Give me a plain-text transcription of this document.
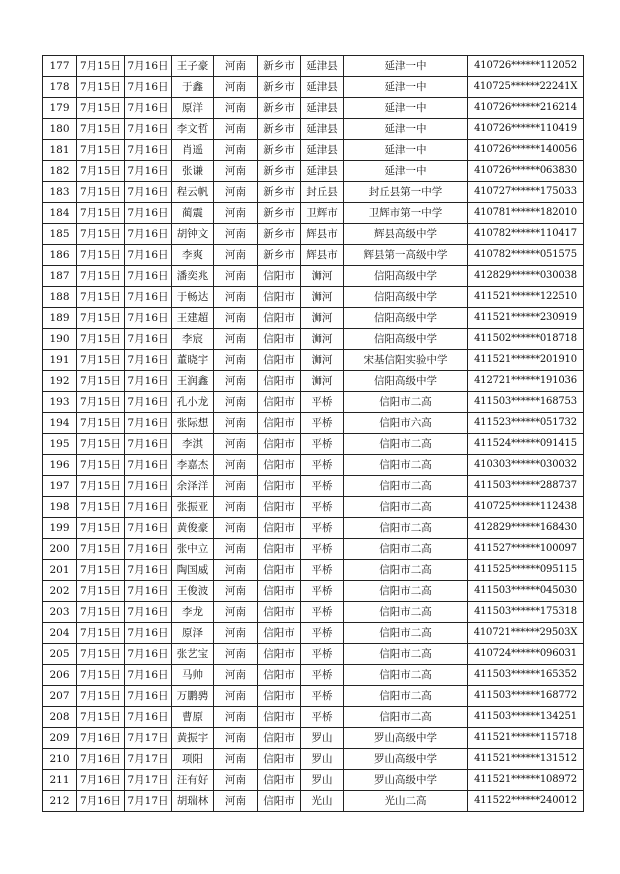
177	7月15日	7月16日	王子豪	河南	新乡市	延津县	延津一中	410726******112052
178	7月15日	7月16日	于鑫	河南	新乡市	延津县	延津一中	410725******22241X
179	7月15日	7月16日	原洋	河南	新乡市	延津县	延津一中	410726******216214
180	7月15日	7月16日	李文哲	河南	新乡市	延津县	延津一中	410726******110419
181	7月15日	7月16日	肖遥	河南	新乡市	延津县	延津一中	410726******140056
182	7月15日	7月16日	张谦	河南	新乡市	延津县	延津一中	410726******063830
183	7月15日	7月16日	程云帆	河南	新乡市	封丘县	封丘县第一中学	410727******175033
184	7月15日	7月16日	蔺震	河南	新乡市	卫辉市	卫辉市第一中学	410781******182010
185	7月15日	7月16日	胡钟文	河南	新乡市	辉县市	辉县高级中学	410782******110417
186	7月15日	7月16日	李爽	河南	新乡市	辉县市	辉县第一高级中学	410782******051575
187	7月15日	7月16日	潘奕兆	河南	信阳市	浉河	信阳高级中学	412829******030038
188	7月15日	7月16日	于畅达	河南	信阳市	浉河	信阳高级中学	411521******122510
189	7月15日	7月16日	王建超	河南	信阳市	浉河	信阳高级中学	411521******230919
190	7月15日	7月16日	李宸	河南	信阳市	浉河	信阳高级中学	411502******018718
191	7月15日	7月16日	董晓宇	河南	信阳市	浉河	宋基信阳实验中学	411521******201910
192	7月15日	7月16日	王润鑫	河南	信阳市	浉河	信阳高级中学	412721******191036
193	7月15日	7月16日	孔小龙	河南	信阳市	平桥	信阳市二高	411503******168753
194	7月15日	7月16日	张际想	河南	信阳市	平桥	信阳市六高	411523******051732
195	7月15日	7月16日	李淇	河南	信阳市	平桥	信阳市二高	411524******091415
196	7月15日	7月16日	李嘉杰	河南	信阳市	平桥	信阳市二高	410303******030032
197	7月15日	7月16日	余泽洋	河南	信阳市	平桥	信阳市二高	411503******288737
198	7月15日	7月16日	张振亚	河南	信阳市	平桥	信阳市二高	410725******112438
199	7月15日	7月16日	黄俊豪	河南	信阳市	平桥	信阳市二高	412829******168430
200	7月15日	7月16日	张中立	河南	信阳市	平桥	信阳市二高	411527******100097
201	7月15日	7月16日	陶国威	河南	信阳市	平桥	信阳市二高	411525******095115
202	7月15日	7月16日	王俊波	河南	信阳市	平桥	信阳市二高	411503******045030
203	7月15日	7月16日	李龙	河南	信阳市	平桥	信阳市二高	411503******175318
204	7月15日	7月16日	原泽	河南	信阳市	平桥	信阳市二高	410721******29503X
205	7月15日	7月16日	张艺宝	河南	信阳市	平桥	信阳市二高	410724******096031
206	7月15日	7月16日	马帅	河南	信阳市	平桥	信阳市二高	411503******165352
207	7月15日	7月16日	万鹏骋	河南	信阳市	平桥	信阳市二高	411503******168772
208	7月15日	7月16日	曹原	河南	信阳市	平桥	信阳市二高	411503******134251
209	7月16日	7月17日	黄振宇	河南	信阳市	罗山	罗山高级中学	411521******115718
210	7月16日	7月17日	项阳	河南	信阳市	罗山	罗山高级中学	411521******131512
211	7月16日	7月17日	汪有好	河南	信阳市	罗山	罗山高级中学	411521******108972
212	7月16日	7月17日	胡瑞林	河南	信阳市	光山	光山二高	411522******240012
